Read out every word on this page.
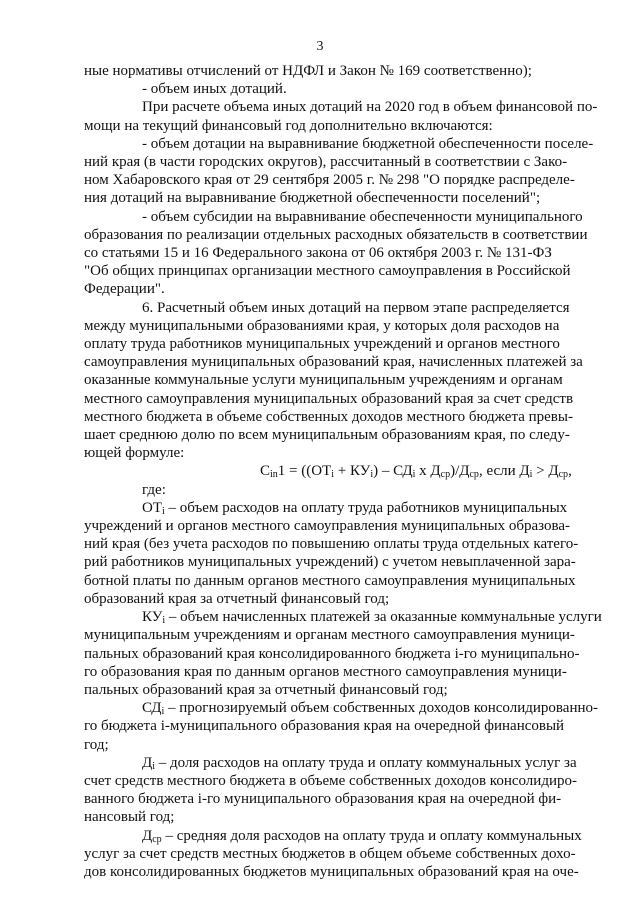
3

ные нормативы отчислений от НДФЛ и Закон № 169 соответственно);

- объем иных дотаций.

При расчете объема иных дотаций на 2020 год в объем финансовой по-
мощи на текущий финансовый год дополнительно включаются:

- объем дотации на выравнивание бюджетной обеспеченности поселе-
ний края (в части городских округов), рассчитанный в соответствии с Зако-
ном Хабаровского края от 29 сентября 2005 г. № 298 "О порядке распределе-
ния дотаций на выравнивание бюджетной обеспеченности поселений";

- объем субсидии на выравнивание обеспеченности муниципального
образования по реализации отдельных расходных обязательств в соответствии
со статьями 15 и 16 Федерального закона от 06 октября 2003 г. № 131-ФЗ
"Об общих принципах организации местного самоуправления в Российской
Федерации".

6. Расчетный объем иных дотаций на первом этапе распределяется
между муниципальными образованиями края, у которых доля расходов на
оплату труда работников муниципальных учреждений и органов местного
самоуправления муниципальных образований края, начисленных платежей за
оказанные коммунальные услуги муниципальным учреждениям и органам
местного самоуправления муниципальных образований края за счет средств
местного бюджета в объеме собственных доходов местного бюджета превы-
шает среднюю долю по всем муниципальным образованиям края, по следу-
ющей формуле:

$C_{in}1 = ((ОТ_i + КУ_i) - СД_i$ х $Д_{ср})/Д_{ср}$, если $Д_i > Д_{ср}$,

где:

$ОТ_i$ – объем расходов на оплату труда работников муниципальных
учреждений и органов местного самоуправления муниципальных образова-
ний края (без учета расходов по повышению оплаты труда отдельных катего-
рий работников муниципальных учреждений) с учетом невыплаченной зара-
ботной платы по данным органов местного самоуправления муниципальных
образований края за отчетный финансовый год;

$КУ_i$ – объем начисленных платежей за оказанные коммунальные услуги
муниципальным учреждениям и органам местного самоуправления муници-
пальных образований края консолидированного бюджета i-го муниципально-
го образования края по данным органов местного самоуправления муници-
пальных образований края за отчетный финансовый год;

$СД_i$ – прогнозируемый объем собственных доходов консолидированно-
го бюджета i-муниципального образования края на очередной финансовый
год;

$Д_i$ – доля расходов на оплату труда и оплату коммунальных услуг за
счет средств местного бюджета в объеме собственных доходов консолидиро-
ванного бюджета i-го муниципального образования края на очередной фи-
нансовый год;

$Д_{ср}$ – средняя доля расходов на оплату труда и оплату коммунальных
услуг за счет средств местных бюджетов в общем объеме собственных дохо-
дов консолидированных бюджетов муниципальных образований края на оче-
